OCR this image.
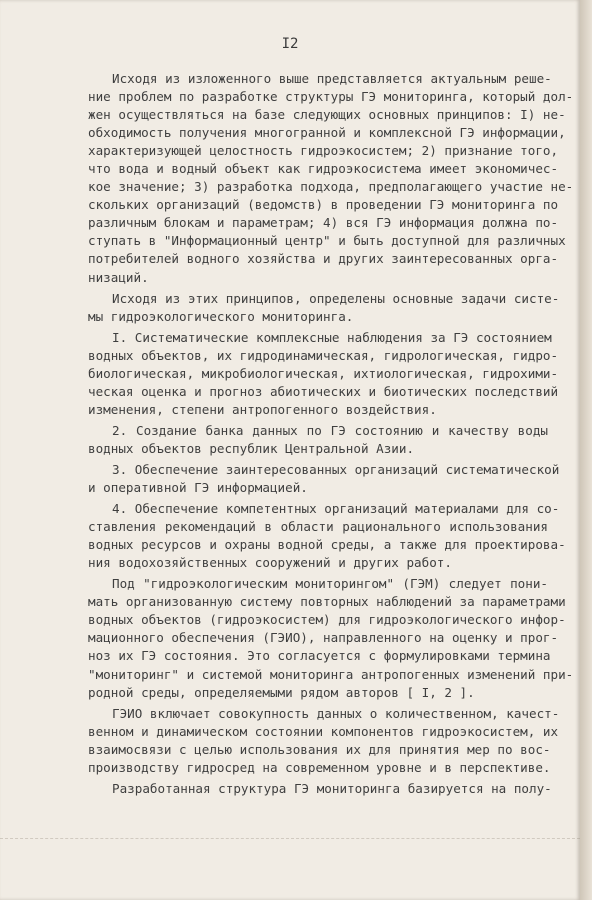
I2
Исходя из изложенного выше представляется актуальным реше-
ние проблем по разработке структуры ГЭ мониторинга, который дол-
жен осуществляться на базе следующих основных принципов: I) не-
обходимость получения многогранной и комплексной ГЭ информации,
характеризующей целостность гидроэкосистем; 2) признание того,
что вода и водный объект как гидроэкосистема имеет экономичес-
кое значение; 3) разработка подхода, предполагающего участие не-
скольких организаций (ведомств) в проведении ГЭ мониторинга по
различным блокам и параметрам; 4) вся ГЭ информация должна по-
ступать в "Информационный центр" и быть доступной для различных
потребителей водного хозяйства и других заинтересованных орга-
низаций.
Исходя из этих принципов, определены основные задачи систе-
мы гидроэкологического мониторинга.
I. Систематические комплексные наблюдения за ГЭ состоянием
водных объектов, их гидродинамическая, гидрологическая, гидро-
биологическая, микробиологическая, ихтиологическая, гидрохими-
ческая оценка и прогноз абиотических и биотических последствий
изменения, степени антропогенного воздействия.
2. Создание банка данных по ГЭ состоянию и качеству воды
водных объектов республик Центральной Азии.
3. Обеспечение заинтересованных организаций систематической
и оперативной ГЭ информацией.
4. Обеспечение компетентных организаций материалами для со-
ставления рекомендаций в области рационального использования
водных ресурсов и охраны водной среды, а также для проектирова-
ния водохозяйственных сооружений и других работ.
Под "гидроэкологическим мониторингом" (ГЭМ) следует пони-
мать организованную систему повторных наблюдений за параметрами
водных объектов (гидроэкосистем) для гидроэкологического инфор-
мационного обеспечения (ГЭИО), направленного на оценку и прог-
ноз их ГЭ состояния. Это согласуется с формулировками термина
"мониторинг" и системой мониторинга антропогенных изменений при-
родной среды, определяемыми рядом авторов [ I, 2 ].
ГЭИО включает совокупность данных о количественном, качест-
венном и динамическом состоянии компонентов гидроэкосистем, их
взаимосвязи с целью использования их для принятия мер по вос-
производству гидросред на современном уровне и в перспективе.
Разработанная структура ГЭ мониторинга базируется на полу-
